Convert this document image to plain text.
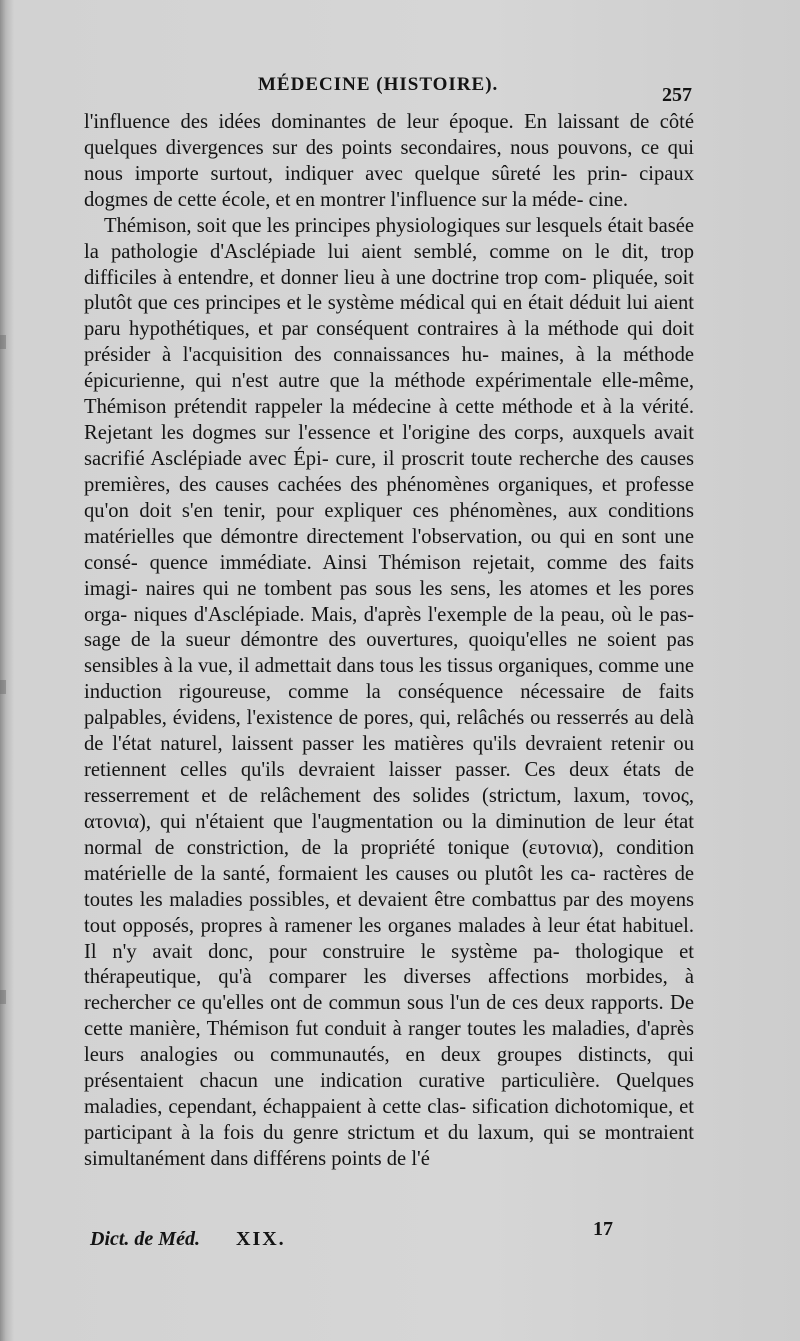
MÉDECINE (HISTOIRE).	257

l'influence des idées dominantes de leur époque. En laissant de côté quelques divergences sur des points secondaires, nous pouvons, ce qui nous importe surtout, indiquer avec quelque sûreté les prin- cipaux dogmes de cette école, et en montrer l'influence sur la méde- cine.

Thémison, soit que les principes physiologiques sur lesquels était basée la pathologie d'Asclépiade lui aient semblé, comme on le dit, trop difficiles à entendre, et donner lieu à une doctrine trop com- pliquée, soit plutôt que ces principes et le système médical qui en était déduit lui aient paru hypothétiques, et par conséquent contraires à la méthode qui doit présider à l'acquisition des connaissances hu- maines, à la méthode épicurienne, qui n'est autre que la méthode expérimentale elle-même, Thémison prétendit rappeler la médecine à cette méthode et à la vérité. Rejetant les dogmes sur l'essence et l'origine des corps, auxquels avait sacrifié Asclépiade avec Épi- cure, il proscrit toute recherche des causes premières, des causes cachées des phénomènes organiques, et professe qu'on doit s'en tenir, pour expliquer ces phénomènes, aux conditions matérielles que démontre directement l'observation, ou qui en sont une consé- quence immédiate. Ainsi Thémison rejetait, comme des faits imagi- naires qui ne tombent pas sous les sens, les atomes et les pores orga- niques d'Asclépiade. Mais, d'après l'exemple de la peau, où le pas- sage de la sueur démontre des ouvertures, quoiqu'elles ne soient pas sensibles à la vue, il admettait dans tous les tissus organiques, comme une induction rigoureuse, comme la conséquence nécessaire de faits palpables, évidens, l'existence de pores, qui, relâchés ou resserrés au delà de l'état naturel, laissent passer les matières qu'ils devraient retenir ou retiennent celles qu'ils devraient laisser passer. Ces deux états de resserrement et de relâchement des solides (strictum, laxum, τονος, ατονια), qui n'étaient que l'augmentation ou la diminution de leur état normal de constriction, de la propriété tonique (ευτονια), condition matérielle de la santé, formaient les causes ou plutôt les ca- ractères de toutes les maladies possibles, et devaient être combattus par des moyens tout opposés, propres à ramener les organes malades à leur état habituel. Il n'y avait donc, pour construire le système pa- thologique et thérapeutique, qu'à comparer les diverses affections morbides, à rechercher ce qu'elles ont de commun sous l'un de ces deux rapports. De cette manière, Thémison fut conduit à ranger toutes les maladies, d'après leurs analogies ou communautés, en deux groupes distincts, qui présentaient chacun une indication curative particulière. Quelques maladies, cependant, échappaient à cette clas- sification dichotomique, et participant à la fois du genre strictum et du laxum, qui se montraient simultanément dans différens points de l'é

Dict. de Méd. XIX.	17
